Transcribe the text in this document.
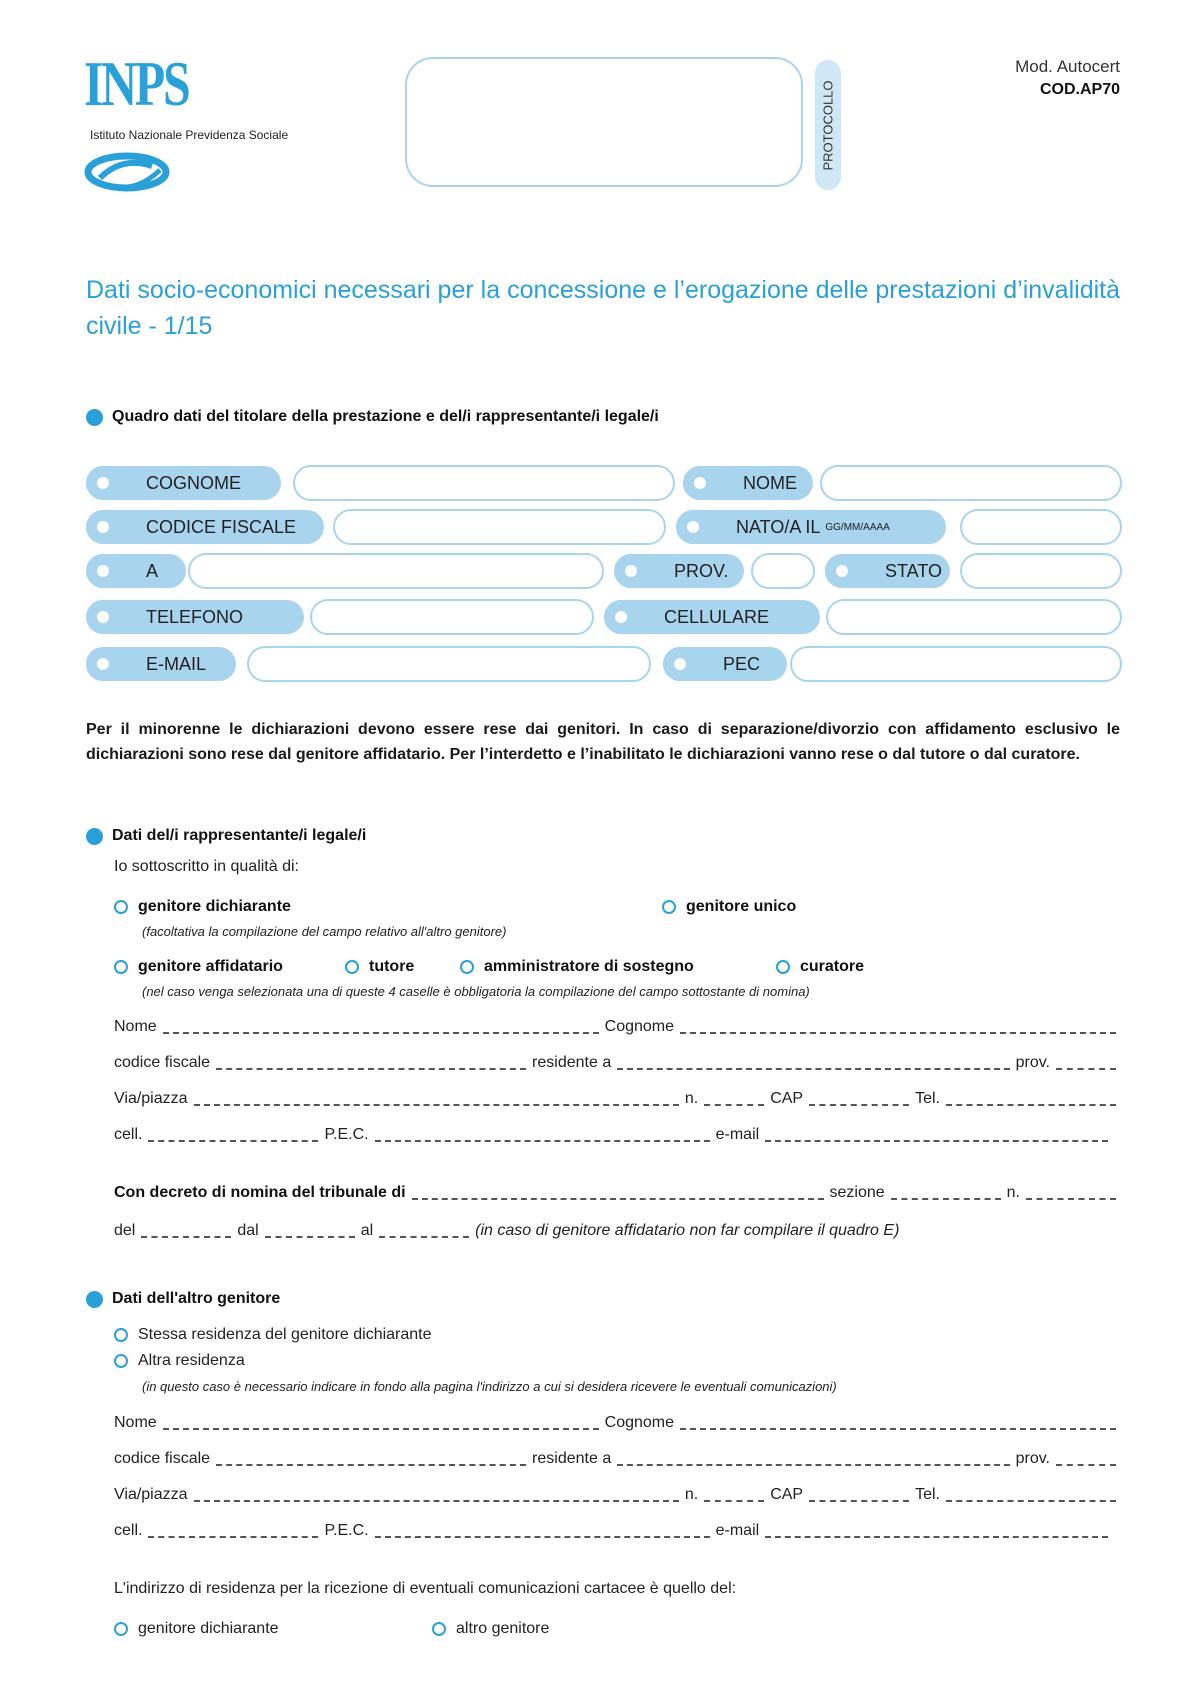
INPS
Istituto Nazionale Previdenza Sociale	PROTOCOLLO
Mod. Autocert
COD.AP70
Dati socio-economici necessari per la concessione e l’erogazione delle prestazioni d’invalidità civile - 1/15
Quadro dati del titolare della prestazione e del/i rappresentante/i legale/i
COGNOME	NOME
CODICE FISCALE	NATO/A IL GG/MM/AAAA
A	PROV.	STATO
TELEFONO	CELLULARE
E-MAIL	PEC
Per il minorenne le dichiarazioni devono essere rese dai genitori. In caso di separazione/divorzio con affidamento esclusivo le dichiarazioni sono rese dal genitore affidatario. Per l’interdetto e l’inabilitato le dichiarazioni vanno rese o dal tutore o dal curatore.
Dati del/i rappresentante/i legale/i
Io sottoscritto in qualità di:
genitore dichiarante	genitore unico
(facoltativa la compilazione del campo relativo all'altro genitore)
genitore affidatario	tutore	amministratore di sostegno	curatore
(nel caso venga selezionata una di queste 4 caselle è obbligatoria la compilazione del campo sottostante di nomina)
Nome	Cognome
codice fiscale	residente a	prov.
Via/piazza	n.	CAP	Tel.
cell.	P.E.C.	e-mail
Con decreto di nomina del tribunale di	sezione	n.
del	dal	al	(in caso di genitore affidatario non far compilare il quadro E)
Dati dell'altro genitore
Stessa residenza del genitore dichiarante
Altra residenza
(in questo caso è necessario indicare in fondo alla pagina l'indirizzo a cui si desidera ricevere le eventuali comunicazioni)
Nome	Cognome
codice fiscale	residente a	prov.
Via/piazza	n.	CAP	Tel.
cell.	P.E.C.	e-mail
L'indirizzo di residenza per la ricezione di eventuali comunicazioni cartacee è quello del:
genitore dichiarante	altro genitore
